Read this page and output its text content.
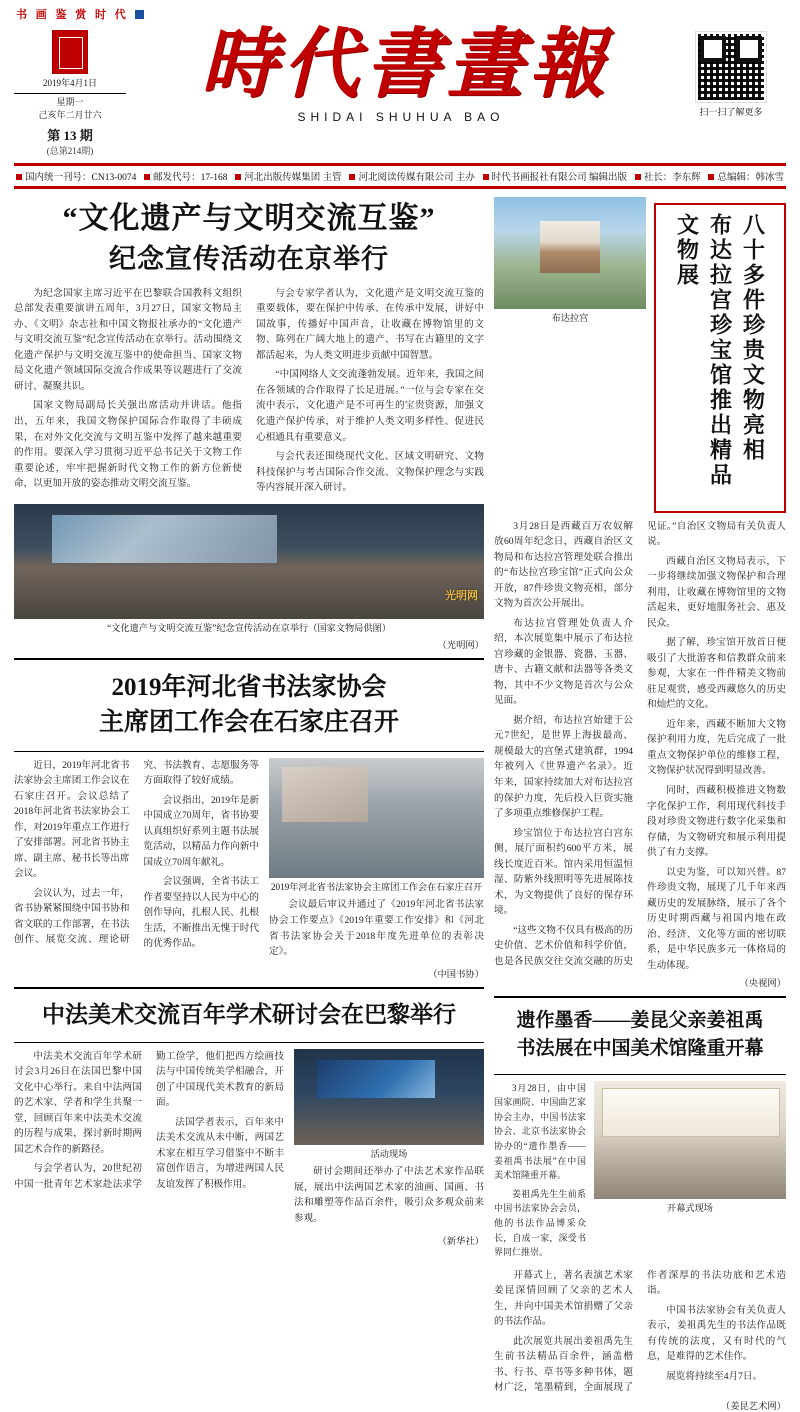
书 画 鉴 赏 时 代
2019年4月1日
星期一
己亥年二月廿六
第 13 期
(总第214期)
時代書畫報
SHIDAI SHUHUA BAO	扫一扫了解更多
国内统一刊号：CN13-0074	邮发代号：17-168	河北出版传媒集团 主管	河北阅读传媒有限公司 主办	时代书画报社有限公司 编辑出版	社长：李东辉	总编辑：韩冰雪
“文化遗产与文明交流互鉴”
纪念宣传活动在京举行

为纪念国家主席习近平在巴黎联合国教科文组织总部发表重要演讲五周年，3月27日，国家文物局主办、《文明》杂志社和中国文物报社承办的“文化遗产与文明交流互鉴”纪念宣传活动在京举行。活动围绕文化遗产保护与文明交流互鉴中的使命担当、国家文物局文化遗产领域国际交流合作成果等议题进行了交流研讨、凝聚共识。

国家文物局副局长关强出席活动并讲话。他指出，五年来，我国文物保护国际合作取得了丰硕成果，在对外文化交流与文明互鉴中发挥了越来越重要的作用。要深入学习贯彻习近平总书记关于文物工作重要论述，牢牢把握新时代文物工作的新方位新使命，以更加开放的姿态推动文明交流互鉴。

与会专家学者认为，文化遗产是文明交流互鉴的重要载体，要在保护中传承、在传承中发展，讲好中国故事，传播好中国声音，让收藏在博物馆里的文物、陈列在广阔大地上的遗产、书写在古籍里的文字都活起来，为人类文明进步贡献中国智慧。

“中国网络人文交流蓬勃发展。近年来，我国之间在各领域的合作取得了长足进展。”一位与会专家在交流中表示，文化遗产是不可再生的宝贵资源，加强文化遗产保护传承，对于维护人类文明多样性、促进民心相通具有重要意义。

与会代表还围绕现代文化、区域文明研究、文物科技保护与考古国际合作交流、文物保护理念与实践等内容展开深入研讨。

光明网
“文化遗产与文明交流互鉴”纪念宣传活动在京举行（国家文物局供图）
（光明网）
2019年河北省书法家协会
主席团工作会在石家庄召开

近日，2019年河北省书法家协会主席团工作会议在石家庄召开。会议总结了2018年河北省书法家协会工作，对2019年重点工作进行了安排部署。河北省书协主席、副主席、秘书长等出席会议。

会议认为，过去一年，省书协紧紧围绕中国书协和省文联的工作部署，在书法创作、展览交流、理论研究、书法教育、志愿服务等方面取得了较好成绩。

会议指出，2019年是新中国成立70周年，省书协要认真组织好系列主题书法展览活动，以精品力作向新中国成立70周年献礼。

会议强调，全省书法工作者要坚持以人民为中心的创作导向，扎根人民、扎根生活，不断推出无愧于时代的优秀作品。

2019年河北省书法家协会主席团工作会在石家庄召开

会议最后审议并通过了《2019年河北省书法家协会工作要点》《2019年重要工作安排》和《河北省书法家协会关于2018年度先进单位的表彰决定》。

（中国书协）
中法美术交流百年学术研讨会在巴黎举行

中法美术交流百年学术研讨会3月26日在法国巴黎中国文化中心举行。来自中法两国的艺术家、学者和学生共聚一堂，回顾百年来中法美术交流的历程与成果，探讨新时期两国艺术合作的新路径。

与会学者认为，20世纪初中国一批青年艺术家赴法求学勤工俭学，他们把西方绘画技法与中国传统美学相融合，开创了中国现代美术教育的新局面。

法国学者表示，百年来中法美术交流从未中断，两国艺术家在相互学习借鉴中不断丰富创作语言，为增进两国人民友谊发挥了积极作用。

活动现场

研讨会期间还举办了中法艺术家作品联展，展出中法两国艺术家的油画、国画、书法和雕塑等作品百余件，吸引众多观众前来参观。

（新华社）
布达拉宫	布达拉宫珍宝馆推出精品文物展	八十多件珍贵文物亮相

3月28日是西藏百万农奴解放60周年纪念日，西藏自治区文物局和布达拉宫管理处联合推出的“布达拉宫珍宝馆”正式向公众开放，87件珍贵文物亮相，部分文物为首次公开展出。

布达拉宫管理处负责人介绍，本次展览集中展示了布达拉宫珍藏的金银器、瓷器、玉器、唐卡、古籍文献和法器等各类文物，其中不少文物是首次与公众见面。

据介绍，布达拉宫始建于公元7世纪，是世界上海拔最高、规模最大的宫堡式建筑群，1994年被列入《世界遗产名录》。近年来，国家持续加大对布达拉宫的保护力度，先后投入巨资实施了多项重点维修保护工程。

珍宝馆位于布达拉宫白宫东侧，展厅面积约600平方米，展线长度近百米。馆内采用恒温恒湿、防紫外线照明等先进展陈技术，为文物提供了良好的保存环境。

“这些文物不仅具有极高的历史价值、艺术价值和科学价值，也是各民族交往交流交融的历史见证。”自治区文物局有关负责人说。

西藏自治区文物局表示，下一步将继续加强文物保护和合理利用，让收藏在博物馆里的文物活起来，更好地服务社会、惠及民众。

据了解，珍宝馆开放首日便吸引了大批游客和信教群众前来参观，大家在一件件精美文物前驻足观赏，感受西藏悠久的历史和灿烂的文化。

近年来，西藏不断加大文物保护利用力度，先后完成了一批重点文物保护单位的维修工程，文物保护状况得到明显改善。

同时，西藏积极推进文物数字化保护工作，利用现代科技手段对珍贵文物进行数字化采集和存储，为文物研究和展示利用提供了有力支撑。

以史为鉴，可以知兴替。87件珍贵文物，展现了几千年来西藏历史的发展脉络，展示了各个历史时期西藏与祖国内地在政治、经济、文化等方面的密切联系，是中华民族多元一体格局的生动体现。

（央视网）
遗作墨香——姜昆父亲姜祖禹
书法展在中国美术馆隆重开幕

3月28日，由中国国家画院、中国曲艺家协会主办，中国书法家协会、北京书法家协会协办的“遗作墨香——姜祖禹书法展”在中国美术馆隆重开幕。

姜祖禹先生生前系中国书法家协会会员，他的书法作品博采众长，自成一家，深受书界同仁推崇。

开幕式现场

开幕式上，著名表演艺术家姜昆深情回顾了父亲的艺术人生，并向中国美术馆捐赠了父亲的书法作品。

此次展览共展出姜祖禹先生生前书法精品百余件，涵盖楷书、行书、草书等多种书体，题材广泛，笔墨精到，全面展现了作者深厚的书法功底和艺术造诣。

中国书法家协会有关负责人表示，姜祖禹先生的书法作品既有传统的法度，又有时代的气息，是难得的艺术佳作。

展览将持续至4月7日。

（姜昆艺术网）
